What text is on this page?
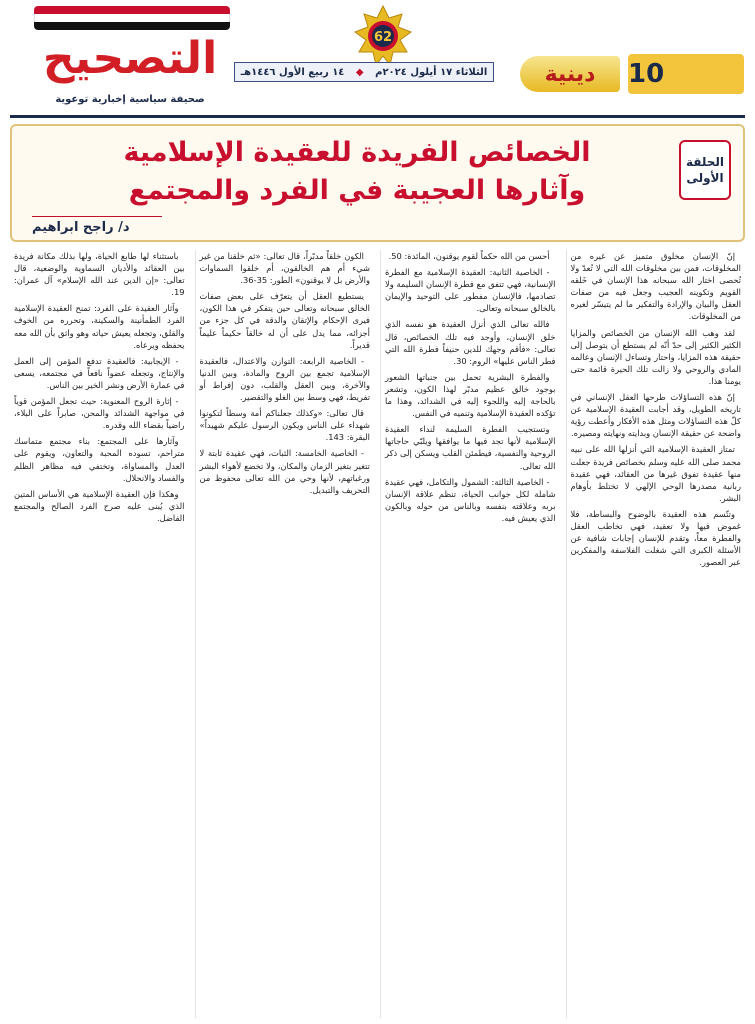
التصحيح
صحيفة سياسية إخبارية توعوية
62
الثلاثاء ١٧ أيلول ٢٠٢٤م
◆
١٤ ربيع الأول ١٤٤٦هـ	دينية	10
الحلقة الأولى
الخصائص الفريدة للعقيدة الإسلامية
وآثارها العجيبة في الفرد والمجتمع
د/ راجح ابراهيم

إنّ الإنسان مخلوق متميز عن غيره من المخلوقات، فمن بين مخلوقات الله التي لا تُعدّ ولا تُحصى اختار الله سبحانه هذا الإنسان في خَلقه القويم وتكوينه العجيب وجعل فيه من صفات العقل والبيان والإرادة والتفكير ما لم يتيسّر لغيره من المخلوقات.

لقد وهب الله الإنسان من الخصائص والمزايا الكثير الكثير إلى حدّ أنّه لم يستطع أن يتوصل إلى حقيقة هذه المزايا، واحتار وتساءل الإنسان وعالمه المادي والروحي ولا زالت تلك الحيرة قائمة حتى يومنا هذا.

إنّ هذه التساؤلات طرحها العقل الإنساني في تاريخه الطويل، وقد أجابت العقيدة الإسلامية عن كلّ هذه التساؤلات ومثل هذه الأفكار وأعطت رؤية واضحة عن حقيقة الإنسان وبدايته ونهايته ومصيره.

تمتاز العقيدة الإسلامية التي أنزلها الله على نبيه محمد صلى الله عليه وسلم بخصائص فريدة جعلت منها عقيدة تفوق غيرها من العقائد، فهي عقيدة ربانية مصدرها الوحي الإلهي لا تختلط بأوهام البشر.

وتتّسم هذه العقيدة بالوضوح والبساطة، فلا غموض فيها ولا تعقيد، فهي تخاطب العقل والفطرة معاً، وتقدم للإنسان إجابات شافية عن الأسئلة الكبرى التي شغلت الفلاسفة والمفكرين عبر العصور.

أحسن من الله حكماً لقوم يوقنون، المائدة: 50.

- الخاصية الثانية: العقيدة الإسلامية مع الفطرة الإنسانية، فهي تتفق مع فطرة الإنسان السليمة ولا تصادمها، فالإنسان مفطور على التوحيد والإيمان بالخالق سبحانه وتعالى.

فالله تعالى الذي أنزل العقيدة هو نفسه الذي خلق الإنسان، وأوجد فيه تلك الخصائص، قال تعالى: «فأقم وجهك للدين حنيفاً فطرة الله التي فطر الناس عليها» الروم: 30.

والفطرة البشرية تحمل بين جنباتها الشعور بوجود خالق عظيم مدبّر لهذا الكون، وتشعر بالحاجة إليه واللجوء إليه في الشدائد، وهذا ما تؤكده العقيدة الإسلامية وتنميه في النفس.

وتستجيب الفطرة السليمة لنداء العقيدة الإسلامية لأنها تجد فيها ما يوافقها ويلبّي حاجاتها الروحية والنفسية، فيطمئن القلب ويسكن إلى ذكر الله تعالى.

- الخاصية الثالثة: الشمول والتكامل، فهي عقيدة شاملة لكل جوانب الحياة، تنظم علاقة الإنسان بربه وعلاقته بنفسه وبالناس من حوله وبالكون الذي يعيش فيه.

الكون خلقاً مدبّراً، قال تعالى: «ثم خلقنا من غير شيء أم هم الخالقون، أم خلقوا السماوات والأرض بل لا يوقنون» الطور: 35-36.

يستطيع العقل أن يتعرّف على بعض صفات الخالق سبحانه وتعالى حين يتفكر في هذا الكون، فيرى الإحكام والإتقان والدقة في كل جزء من أجزائه، مما يدل على أن له خالقاً حكيماً عليماً قديراً.

- الخاصية الرابعة: التوازن والاعتدال، فالعقيدة الإسلامية تجمع بين الروح والمادة، وبين الدنيا والآخرة، وبين العقل والقلب، دون إفراط أو تفريط، فهي وسط بين الغلو والتقصير.

قال تعالى: «وكذلك جعلناكم أمة وسطاً لتكونوا شهداء على الناس ويكون الرسول عليكم شهيداً» البقرة: 143.

- الخاصية الخامسة: الثبات، فهي عقيدة ثابتة لا تتغير بتغير الزمان والمكان، ولا تخضع لأهواء البشر ورغباتهم، لأنها وحي من الله تعالى محفوظ من التحريف والتبديل.

باستثناء لها طابع الحياة، ولها بذلك مكانة فريدة بين العقائد والأديان السماوية والوضعية، قال تعالى: «إن الدين عند الله الإسلام» آل عمران: 19.

وآثار العقيدة على الفرد: تمنح العقيدة الإسلامية الفرد الطمأنينة والسكينة، وتحرره من الخوف والقلق، وتجعله يعيش حياته وهو واثق بأن الله معه يحفظه ويرعاه.

- الإيجابية: فالعقيدة تدفع المؤمن إلى العمل والإنتاج، وتجعله عضواً نافعاً في مجتمعه، يسعى في عمارة الأرض ونشر الخير بين الناس.

- إثارة الروح المعنوية: حيث تجعل المؤمن قوياً في مواجهة الشدائد والمحن، صابراً على البلاء، راضياً بقضاء الله وقدره.

وآثارها على المجتمع: بناء مجتمع متماسك متراحم، تسوده المحبة والتعاون، ويقوم على العدل والمساواة، وتختفي فيه مظاهر الظلم والفساد والانحلال.

وهكذا فإن العقيدة الإسلامية هي الأساس المتين الذي يُبنى عليه صرح الفرد الصالح والمجتمع الفاضل.
